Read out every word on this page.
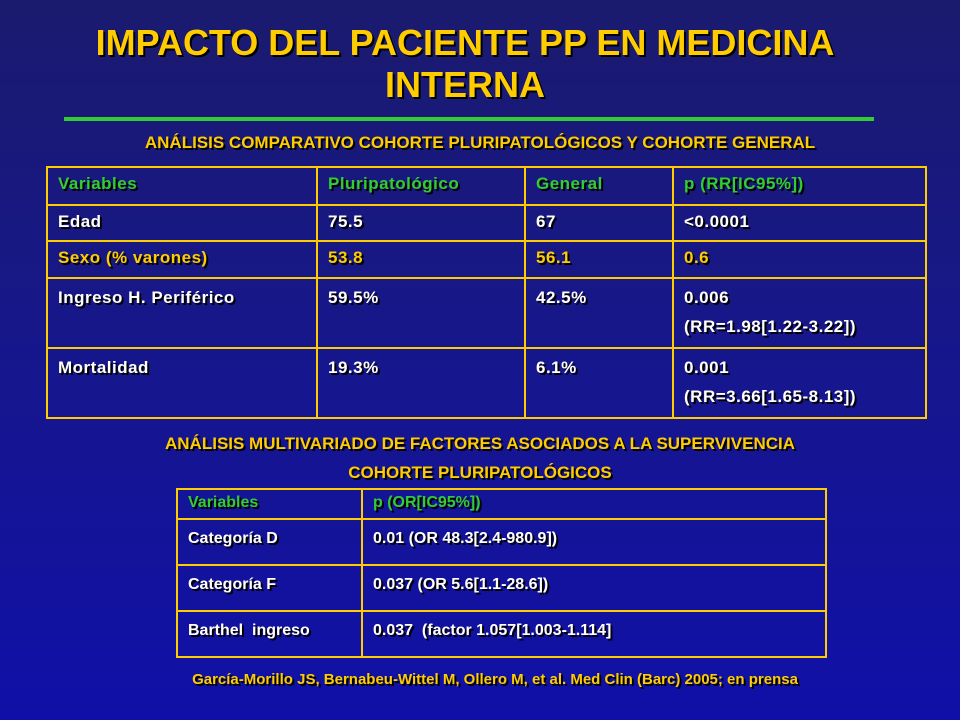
IMPACTO DEL PACIENTE PP EN MEDICINA
INTERNA
ANÁLISIS COMPARATIVO COHORTE PLURIPATOLÓGICOS Y COHORTE GENERAL
Variables	Pluripatológico	General	p (RR[IC95%])
Edad	75.5	67	<0.0001

Sexo (% varones)	53.8	56.1	0.6

Ingreso H. Periférico	59.5%	42.5%	0.006
(RR=1.98[1.22-3.22])

Mortalidad	19.3%	6.1%	0.001
(RR=3.66[1.65-8.13])
ANÁLISIS MULTIVARIADO DE FACTORES ASOCIADOS A LA SUPERVIVENCIA
COHORTE PLURIPATOLÓGICOS
Variables	p (OR[IC95%])
Categoría D	0.01 (OR 48.3[2.4-980.9])
Categoría F	0.037 (OR 5.6[1.1-28.6])
Barthel  ingreso	0.037  (factor 1.057[1.003-1.114]
García-Morillo JS, Bernabeu-Wittel M, Ollero M, et al. Med Clin (Barc) 2005; en prensa
